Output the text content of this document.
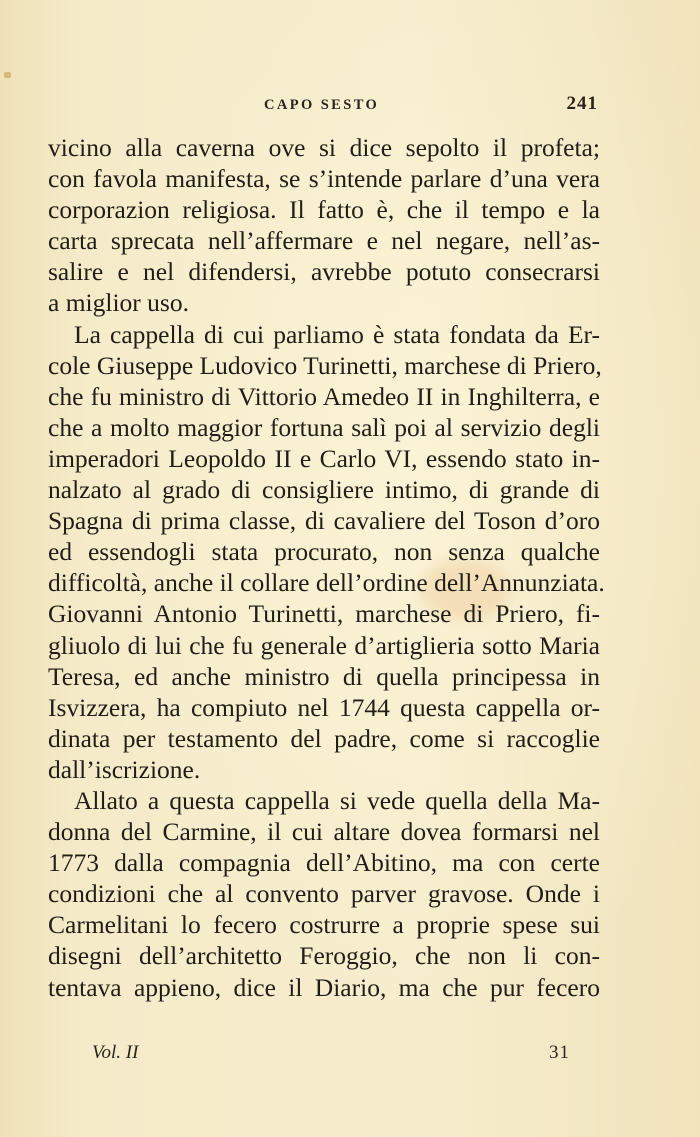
CAPO SESTO	241
vicino alla caverna ove si dice sepolto il profeta;
con favola manifesta, se s’intende parlare d’una vera
corporazion religiosa. Il fatto è, che il tempo e la
carta sprecata nell’affermare e nel negare, nell’as-
salire e nel difendersi, avrebbe potuto consecrarsi
a miglior uso.
La cappella di cui parliamo è stata fondata da Er-
cole Giuseppe Ludovico Turinetti, marchese di Priero,
che fu ministro di Vittorio Amedeo II in Inghilterra, e
che a molto maggior fortuna salì poi al servizio degli
imperadori Leopoldo II e Carlo VI, essendo stato in-
nalzato al grado di consigliere intimo, di grande di
Spagna di prima classe, di cavaliere del Toson d’oro
ed essendogli stata procurato, non senza qualche
difficoltà, anche il collare dell’ordine dell’Annunziata.
Giovanni Antonio Turinetti, marchese di Priero, fi-
gliuolo di lui che fu generale d’artiglieria sotto Maria
Teresa, ed anche ministro di quella principessa in
Isvizzera, ha compiuto nel 1744 questa cappella or-
dinata per testamento del padre, come si raccoglie
dall’iscrizione.
Allato a questa cappella si vede quella della Ma-
donna del Carmine, il cui altare dovea formarsi nel
1773 dalla compagnia dell’Abitino, ma con certe
condizioni che al convento parver gravose. Onde i
Carmelitani lo fecero costrurre a proprie spese sui
disegni dell’architetto Feroggio, che non li con-
tentava appieno, dice il Diario, ma che pur fecero
Vol. II	31
